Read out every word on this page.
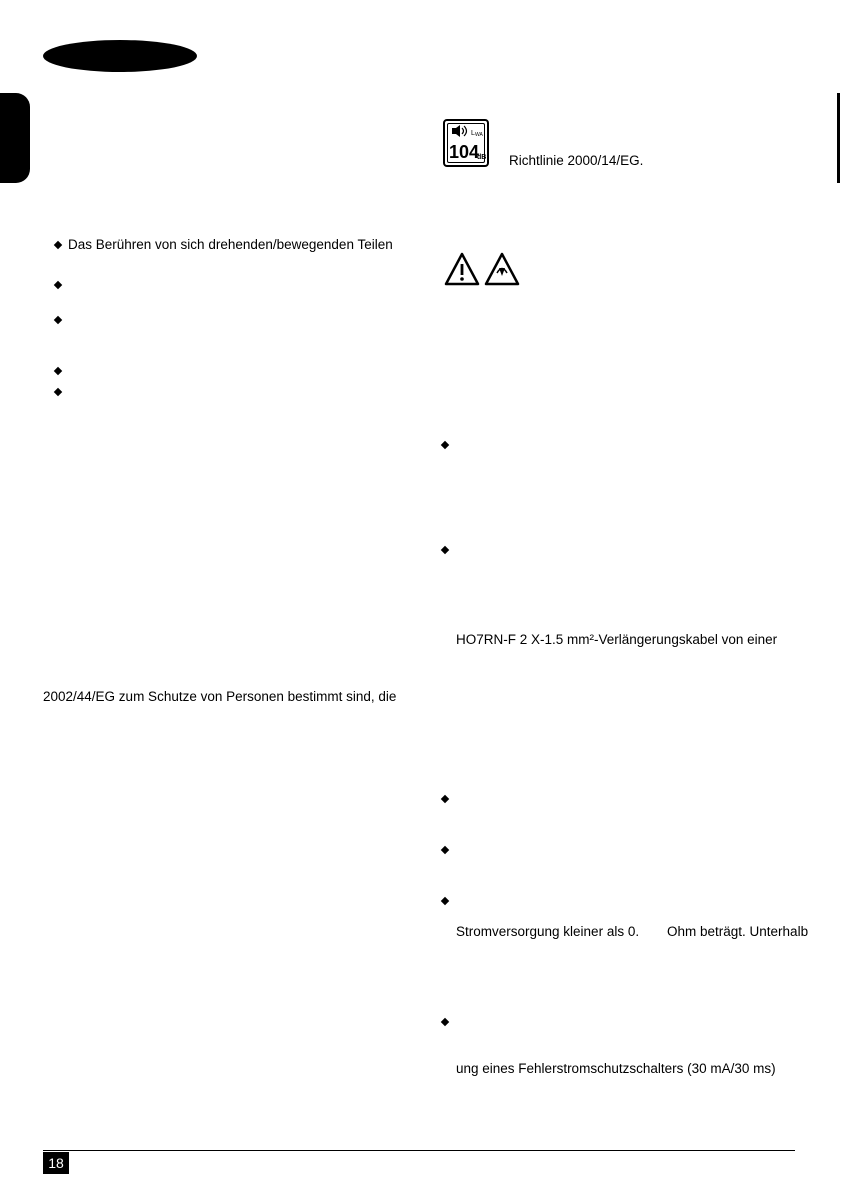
Das Berühren von sich drehenden/bewegenden Teilen
2002/44/EG zum Schutze von Personen bestimmt sind, die
L WA
104
dB Richtlinie 2000/14/EG.
HO7RN-F 2 X-1.5 mm²-Verlängerungskabel von einer
Stromversorgung kleiner als 0. Ohm beträgt. Unterhalb
ung eines Fehlerstromschutzschalters (30 mA/30 ms)
18
